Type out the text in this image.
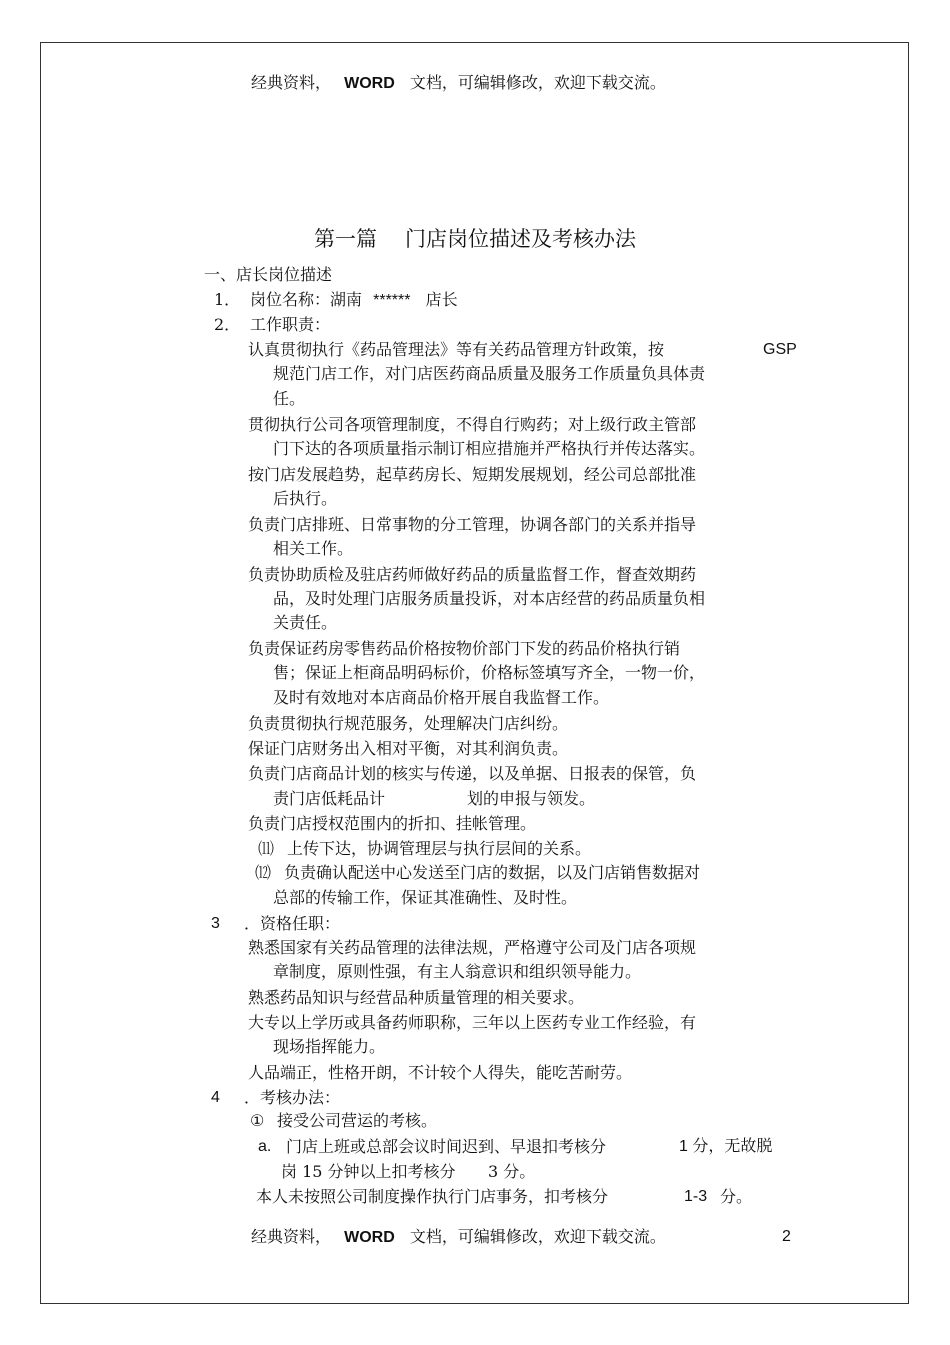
经典资料， WORD 文档，可编辑修改，欢迎下载交流。
第一篇 门店岗位描述及考核办法
一、店长岗位描述
1． 岗位名称：湖南 ****** 店长
2． 工作职责：
认真贯彻执行《药品管理法》等有关药品管理方针政策，按	GSP
规范门店工作，对门店医药商品质量及服务工作质量负具体责
任。
贯彻执行公司各项管理制度，不得自行购药；对上级行政主管部
门下达的各项质量指示制订相应措施并严格执行并传达落实。
按门店发展趋势，起草药房长、短期发展规划，经公司总部批准
后执行。
负责门店排班、日常事物的分工管理，协调各部门的关系并指导
相关工作。
负责协助质检及驻店药师做好药品的质量监督工作，督查效期药
品，及时处理门店服务质量投诉，对本店经营的药品质量负相
关责任。
负责保证药房零售药品价格按物价部门下发的药品价格执行销
售；保证上柜商品明码标价，价格标签填写齐全，一物一价，
及时有效地对本店商品价格开展自我监督工作。
负责贯彻执行规范服务，处理解决门店纠纷。
保证门店财务出入相对平衡，对其利润负责。
负责门店商品计划的核实与传递，以及单据、日报表的保管，负
责门店低耗品计	划的申报与领发。
负责门店授权范围内的折扣、挂帐管理。
⑾ 上传下达，协调管理层与执行层间的关系。
⑿ 负责确认配送中心发送至门店的数据，以及门店销售数据对
总部的传输工作，保证其准确性、及时性。
3 ．资格任职：
熟悉国家有关药品管理的法律法规，严格遵守公司及门店各项规
章制度，原则性强，有主人翁意识和组织领导能力。
熟悉药品知识与经营品种质量管理的相关要求。
大专以上学历或具备药师职称，三年以上医药专业工作经验，有
现场指挥能力。
人品端正，性格开朗，不计较个人得失，能吃苦耐劳。
4 ．考核办法：
① 接受公司营运的考核。
a. 门店上班或总部会议时间迟到、早退扣考核分	1 分，无故脱
岗 15 分钟以上扣考核分 3 分。
本人未按照公司制度操作执行门店事务，扣考核分	1-3 分。
经典资料， WORD 文档，可编辑修改，欢迎下载交流。	2
